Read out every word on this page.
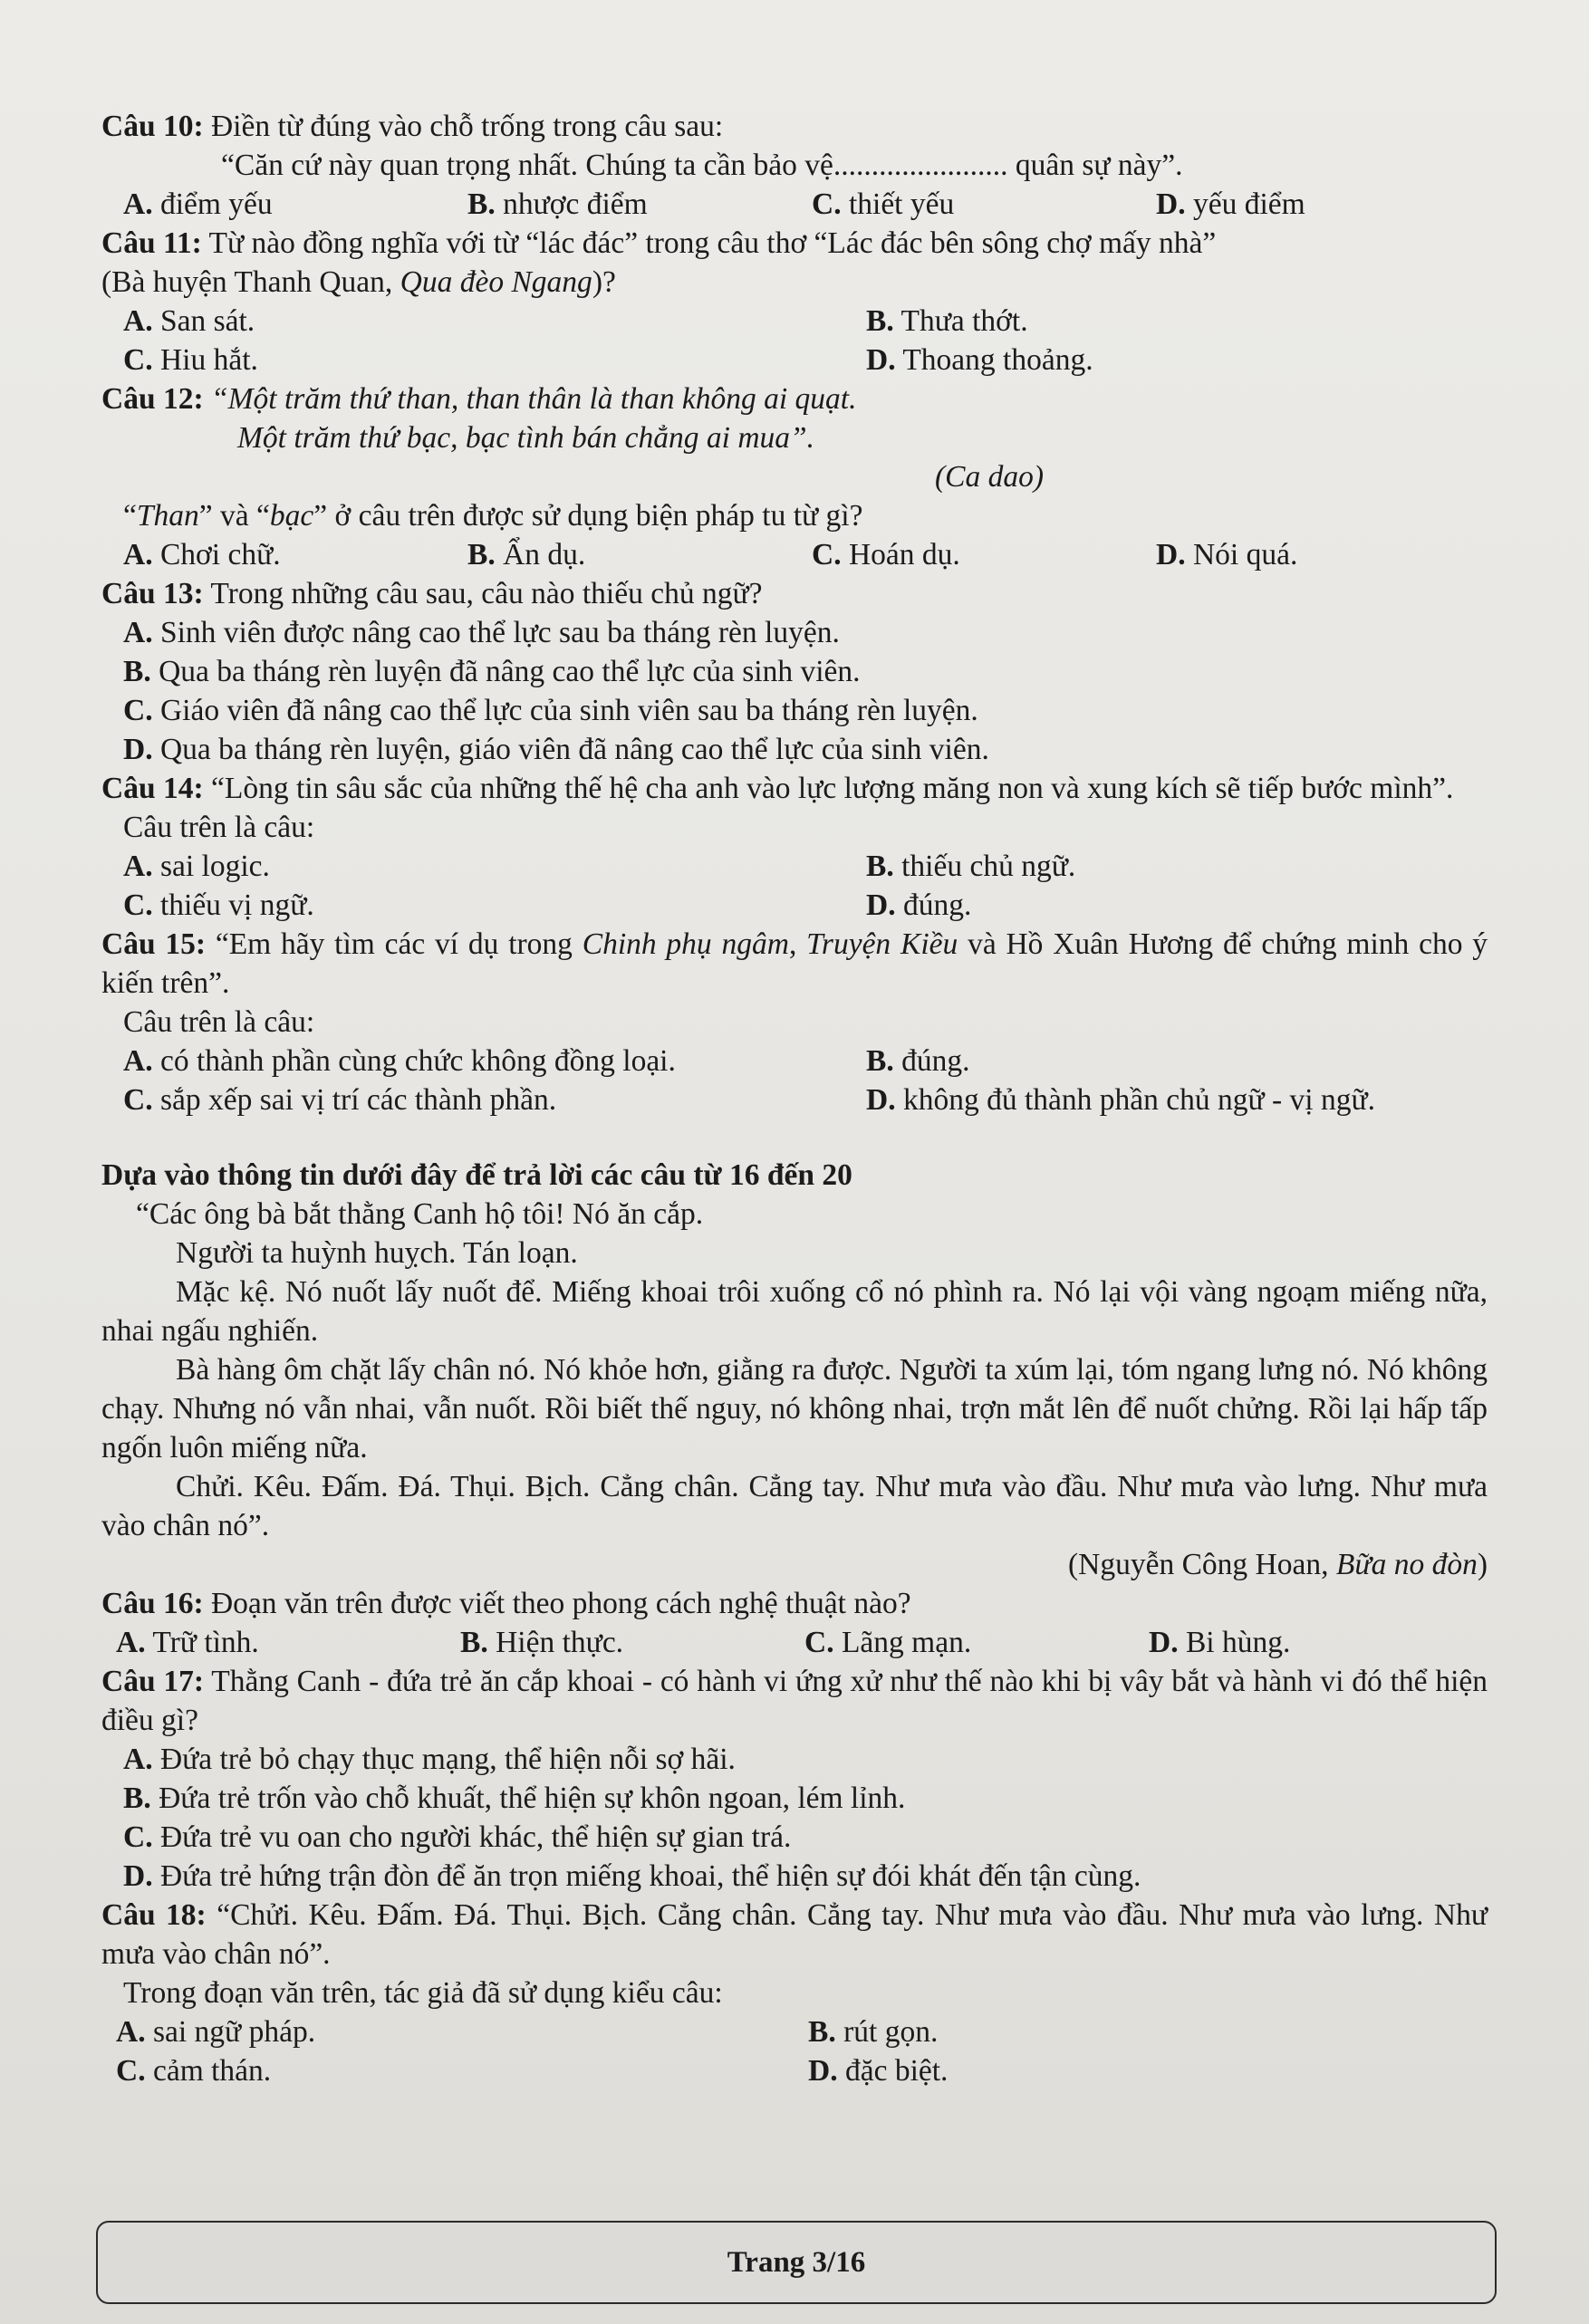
Câu 10: Điền từ đúng vào chỗ trống trong câu sau:

“Căn cứ này quan trọng nhất. Chúng ta cần bảo vệ....................... quân sự này”.

A. điểm yếu	B. nhược điểm	C. thiết yếu	D. yếu điểm

Câu 11: Từ nào đồng nghĩa với từ “lác đác” trong câu thơ “Lác đác bên sông chợ mấy nhà”

(Bà huyện Thanh Quan, Qua đèo Ngang)?

A. San sát.	B. Thưa thớt.
C. Hiu hắt.	D. Thoang thoảng.

Câu 12: “Một trăm thứ than, than thân là than không ai quạt.

Một trăm thứ bạc, bạc tình bán chẳng ai mua”.

(Ca dao)

“Than” và “bạc” ở câu trên được sử dụng biện pháp tu từ gì?

A. Chơi chữ.	B. Ẩn dụ.	C. Hoán dụ.	D. Nói quá.

Câu 13: Trong những câu sau, câu nào thiếu chủ ngữ?

A. Sinh viên được nâng cao thể lực sau ba tháng rèn luyện.
B. Qua ba tháng rèn luyện đã nâng cao thể lực của sinh viên.
C. Giáo viên đã nâng cao thể lực của sinh viên sau ba tháng rèn luyện.
D. Qua ba tháng rèn luyện, giáo viên đã nâng cao thể lực của sinh viên.

Câu 14: “Lòng tin sâu sắc của những thế hệ cha anh vào lực lượng măng non và xung kích sẽ tiếp bước mình”.

Câu trên là câu:

A. sai logic.	B. thiếu chủ ngữ.
C. thiếu vị ngữ.	D. đúng.

Câu 15: “Em hãy tìm các ví dụ trong Chinh phụ ngâm, Truyện Kiều và Hồ Xuân Hương để chứng minh cho ý kiến trên”.

Câu trên là câu:

A. có thành phần cùng chức không đồng loại.	B. đúng.
C. sắp xếp sai vị trí các thành phần.	D. không đủ thành phần chủ ngữ - vị ngữ.

Dựa vào thông tin dưới đây để trả lời các câu từ 16 đến 20

“Các ông bà bắt thằng Canh hộ tôi! Nó ăn cắp.

Người ta huỳnh huỵch. Tán loạn.

Mặc kệ. Nó nuốt lấy nuốt để. Miếng khoai trôi xuống cổ nó phình ra. Nó lại vội vàng ngoạm miếng nữa, nhai ngấu nghiến.

Bà hàng ôm chặt lấy chân nó. Nó khỏe hơn, giằng ra được. Người ta xúm lại, tóm ngang lưng nó. Nó không chạy. Nhưng nó vẫn nhai, vẫn nuốt. Rồi biết thế nguy, nó không nhai, trợn mắt lên để nuốt chửng. Rồi lại hấp tấp ngốn luôn miếng nữa.

Chửi. Kêu. Đấm. Đá. Thụi. Bịch. Cẳng chân. Cẳng tay. Như mưa vào đầu. Như mưa vào lưng. Như mưa vào chân nó”.

(Nguyễn Công Hoan, Bữa no đòn)

Câu 16: Đoạn văn trên được viết theo phong cách nghệ thuật nào?

A. Trữ tình.	B. Hiện thực.	C. Lãng mạn.	D. Bi hùng.

Câu 17: Thằng Canh - đứa trẻ ăn cắp khoai - có hành vi ứng xử như thế nào khi bị vây bắt và hành vi đó thể hiện điều gì?

A. Đứa trẻ bỏ chạy thục mạng, thể hiện nỗi sợ hãi.
B. Đứa trẻ trốn vào chỗ khuất, thể hiện sự khôn ngoan, lém lỉnh.
C. Đứa trẻ vu oan cho người khác, thể hiện sự gian trá.
D. Đứa trẻ hứng trận đòn để ăn trọn miếng khoai, thể hiện sự đói khát đến tận cùng.

Câu 18: “Chửi. Kêu. Đấm. Đá. Thụi. Bịch. Cẳng chân. Cẳng tay. Như mưa vào đầu. Như mưa vào lưng. Như mưa vào chân nó”.

Trong đoạn văn trên, tác giả đã sử dụng kiểu câu:

A. sai ngữ pháp.	B. rút gọn.
C. cảm thán.	D. đặc biệt.
Trang 3/16
